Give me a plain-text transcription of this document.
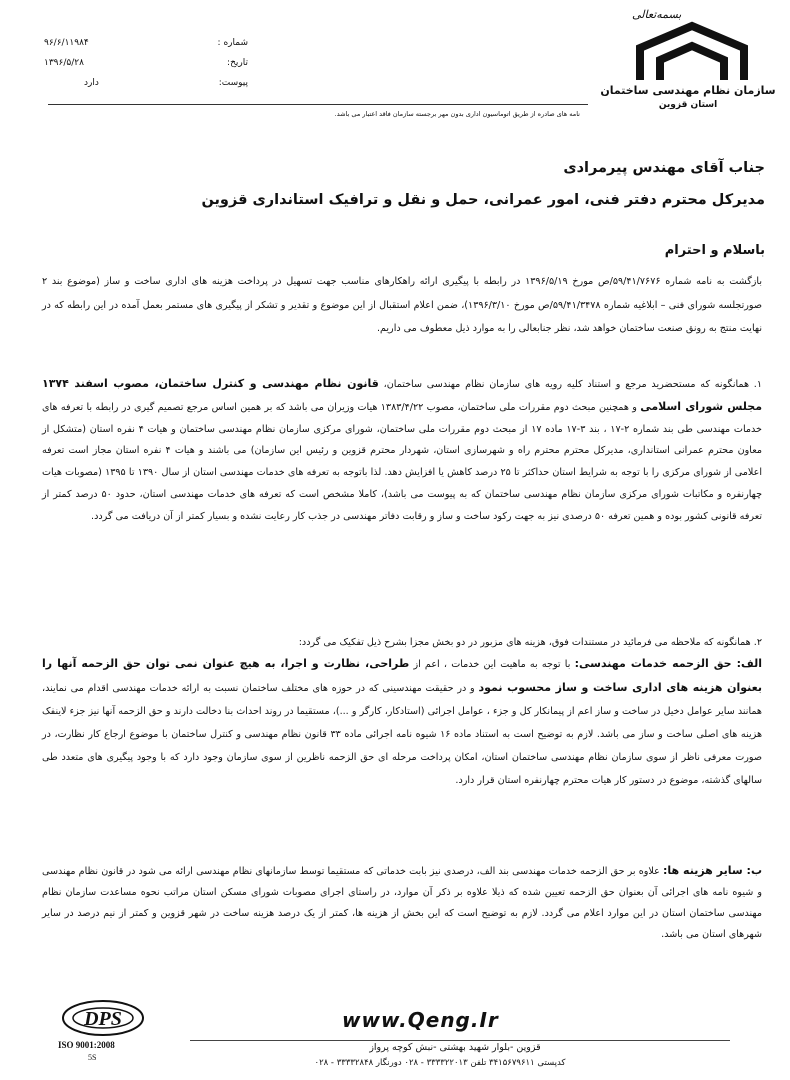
بسمه‌تعالی
سازمان نظام مهندسی ساختمان
استان قزوین
شماره :
۹۶/۶/۱۱۹۸۴
تاریخ:
۱۳۹۶/۵/۲۸
پیوست:
دارد
نامه های صادره از طریق اتوماسیون اداری بدون مهر برجسته سازمان فاقد اعتبار می باشد.
جناب آقای مهندس پیرمرادی
مدیرکل محترم دفتر فنی، امور عمرانی، حمل و نقل و ترافیک استانداری قزوین
باسلام و احترام
بازگشت به نامه شماره ۵۹/۴۱/۷۶۷۶/ص مورخ ۱۳۹۶/۵/۱۹ در رابطه با پیگیری ارائه راهکارهای مناسب جهت تسهیل در پرداخت هزینه های اداری ساخت و ساز (موضوع بند ۲ صورتجلسه شورای فنی – ابلاغیه شماره ۵۹/۴۱/۳۴۷۸/ص مورخ ۱۳۹۶/۳/۱۰)، ضمن اعلام استقبال از این موضوع و تقدیر و تشکر از پیگیری های مستمر بعمل آمده در این رابطه که در نهایت منتج به رونق صنعت ساختمان خواهد شد، نظر جنابعالی را به موارد ذیل معطوف می داریم.
۱. همانگونه که مستحضرید مرجع و استناد کلیه رویه های سازمان نظام مهندسی ساختمان، قانون نظام مهندسی و کنترل ساختمان، مصوب اسفند ۱۳۷۴ مجلس شورای اسلامی و همچنین مبحث دوم مقررات ملی ساختمان، مصوب ۱۳۸۳/۴/۲۲ هیات وزیران می باشد که بر همین اساس مرجع تصمیم گیری در رابطه با تعرفه های خدمات مهندسی طی بند شماره ۲-۱۷ ، بند ۳-۱۷ ماده ۱۷ از مبحث دوم مقررات ملی ساختمان، شورای مرکزی سازمان نظام مهندسی ساختمان و هیات ۴ نفره استان (متشکل از معاون محترم عمرانی استانداری، مدیرکل محترم محترم راه و شهرسازی استان، شهردار محترم قزوین و رئیس این سازمان) می باشند و هیات ۴ نفره استان مجاز است تعرفه اعلامی از شورای مرکزی را با توجه به شرایط استان حداکثر تا ۲۵ درصد کاهش یا افزایش دهد. لذا باتوجه به تعرفه های خدمات مهندسی استان از سال ۱۳۹۰ تا ۱۳۹۵ (مصوبات هیات چهارنفره و مکاتبات شورای مرکزی سازمان نظام مهندسی ساختمان که به پیوست می باشد)، کاملا مشخص است که تعرفه های خدمات مهندسی استان، حدود ۵۰ درصد کمتر از تعرفه قانونی کشور بوده و همین تعرفه ۵۰ درصدی نیز به جهت رکود ساخت و ساز و رقابت دفاتر مهندسی در جذب کار رعایت نشده و بسیار کمتر از آن دریافت می گردد.
۲. همانگونه که ملاحظه می فرمائید در مستندات فوق، هزینه های مزبور در دو بخش مجزا بشرح ذیل تفکیک می گردد:
الف: حق الزحمه خدمات مهندسی: با توجه به ماهیت این خدمات ، اعم از طراحی، نظارت و اجرا، به هیچ عنوان نمی توان حق الزحمه آنها را بعنوان هزینه های اداری ساخت و ساز محسوب نمود و در حقیقت مهندسینی که در حوزه های مختلف ساختمان نسبت به ارائه خدمات مهندسی اقدام می نمایند، همانند سایر عوامل دخیل در ساخت و ساز اعم از پیمانکار کل و جزء ، عوامل اجرائی (استادکار، کارگر و ...)، مستقیما در روند احداث بنا دخالت دارند و حق الزحمه آنها نیز جزء لاینفک هزینه های اصلی ساخت و ساز می باشد. لازم به توضیح است به استناد ماده ۱۶ شیوه نامه اجرائی ماده ۳۳ قانون نظام مهندسی و کنترل ساختمان با موضوع ارجاع کار نظارت، در صورت معرفی ناظر از سوی سازمان نظام مهندسی ساختمان استان، امکان پرداخت مرحله ای حق الزحمه ناظرین از سوی سازمان وجود دارد که با وجود پیگیری های متعدد طی سالهای گذشته، موضوع در دستور کار هیات محترم چهارنفره استان قرار دارد.
ب: سایر هزینه ها: علاوه بر حق الزحمه خدمات مهندسی بند الف، درصدی نیز بابت خدماتی که مستقیما توسط سازمانهای نظام مهندسی ارائه می شود در قانون نظام مهندسی و شیوه نامه های اجرائی آن بعنوان حق الزحمه تعیین شده که ذیلا علاوه بر ذکر آن موارد، در راستای اجرای مصوبات شورای مسکن استان مراتب نحوه مساعدت سازمان نظام مهندسی ساختمان استان در این موارد اعلام می گردد. لازم به توضیح است که این بخش از هزینه ها، کمتر از یک درصد هزینه ساخت در شهر قزوین و کمتر از نیم درصد در سایر شهرهای استان می باشد.
DPS
ISO 9001:2008
5S
www.Qeng.Ir
قزوین -بلوار شهید بهشتی -نبش کوچه پرواز
کدپستی ۳۴۱۵۶۷۹۶۱۱ تلفن ۳۳۳۳۲۲۰۱۳ - ۰۲۸ دورنگار ۳۳۳۳۲۸۴۸ - ۰۲۸
